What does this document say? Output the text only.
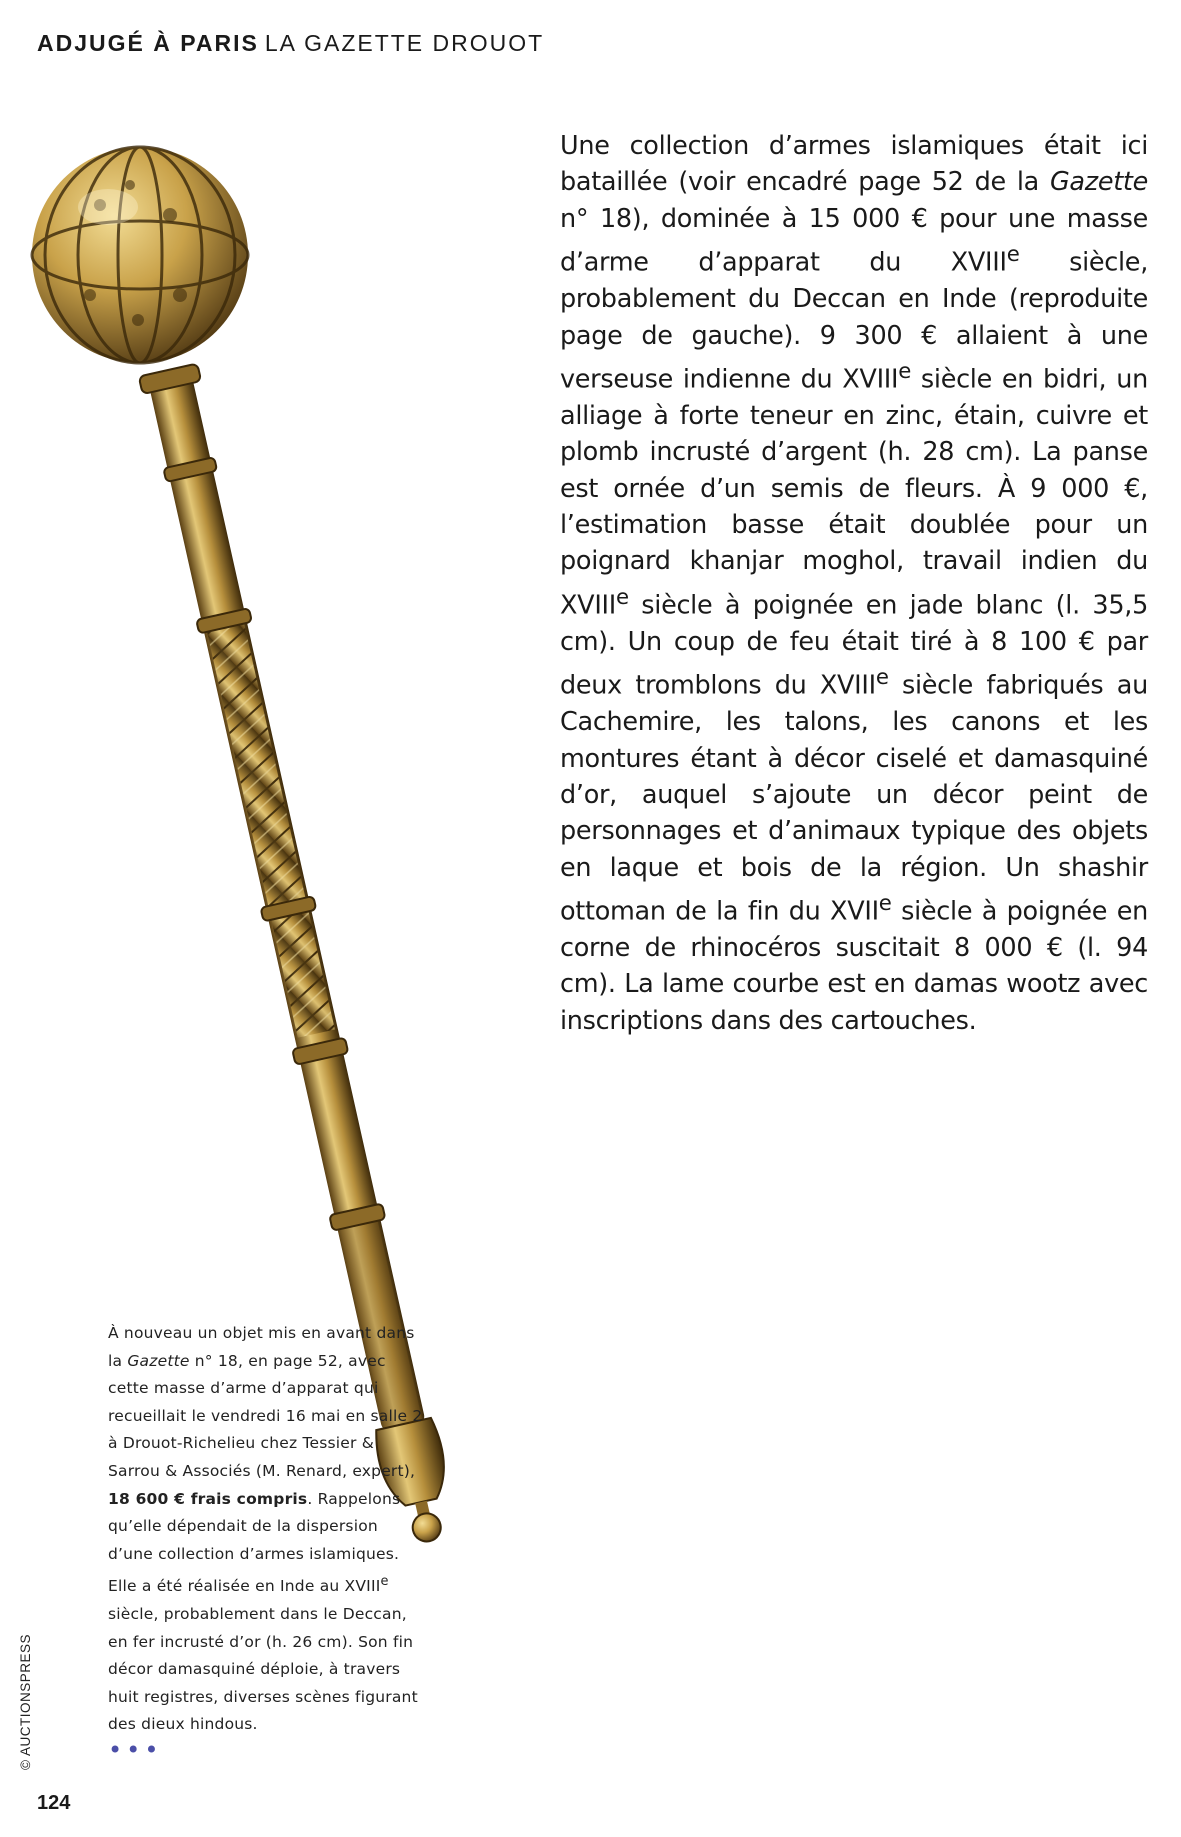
ADJUGÉ À PARIS LA GAZETTE DROUOT

Une collection d’armes islamiques était ici bataillée (voir encadré page 52 de la Gazette n° 18), dominée à 15 000 € pour une masse d’arme d’apparat du XVIIIe siècle, probablement du Deccan en Inde (reproduite page de gauche). 9 300 € allaient à une verseuse indienne du XVIIIe siècle en bidri, un alliage à forte teneur en zinc, étain, cuivre et plomb incrusté d’argent (h. 28 cm). La panse est ornée d’un semis de fleurs. À 9 000 €, l’estimation basse était doublée pour un poignard khanjar moghol, travail indien du XVIIIe siècle à poignée en jade blanc (l. 35,5 cm). Un coup de feu était tiré à 8 100 € par deux tromblons du XVIIIe siècle fabriqués au Cachemire, les talons, les canons et les montures étant à décor ciselé et damasquiné d’or, auquel s’ajoute un décor peint de personnages et d’animaux typique des objets en laque et bois de la région. Un shashir ottoman de la fin du XVIIe siècle à poignée en corne de rhinocéros suscitait 8 000 € (l. 94 cm). La lame courbe est en damas wootz avec inscriptions dans des cartouches.

À nouveau un objet mis en avant dans la Gazette n° 18, en page 52, avec cette masse d’arme d’apparat qui recueillait le vendredi 16 mai en salle 2 à Drouot-Richelieu chez Tessier & Sarrou & Associés (M. Renard, expert),
18 600 € frais compris. Rappelons qu’elle dépendait de la dispersion d’une collection d’armes islamiques. Elle a été réalisée en Inde au XVIIIe siècle, probablement dans le Deccan, en fer incrusté d’or (h. 26 cm). Son fin décor damasquiné déploie, à travers huit registres, diverses scènes figurant des dieux hindous.

•••
© AUCTIONSPRESS
124
